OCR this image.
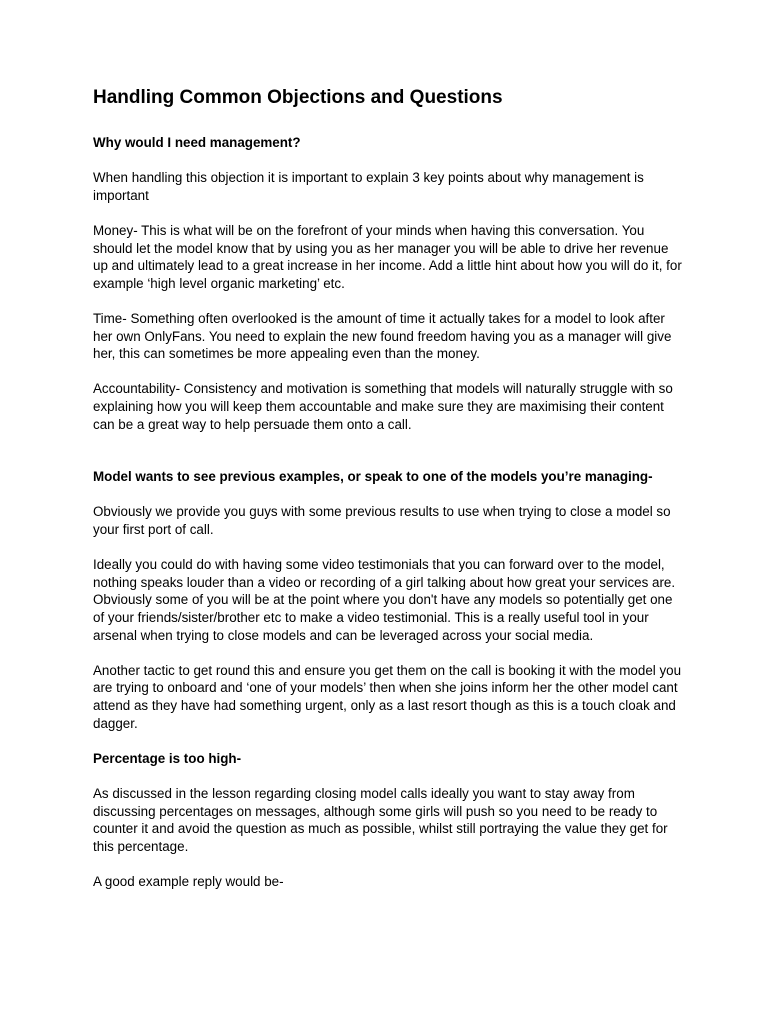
Handling Common Objections and Questions

Why would I need management?

When handling this objection it is important to explain 3 key points about why management is important

Money- This is what will be on the forefront of your minds when having this conversation. You should let the model know that by using you as her manager you will be able to drive her revenue up and ultimately lead to a great increase in her income. Add a little hint about how you will do it, for example ‘high level organic marketing’ etc.

Time- Something often overlooked is the amount of time it actually takes for a model to look after her own OnlyFans. You need to explain the new found freedom having you as a manager will give her, this can sometimes be more appealing even than the money.

Accountability- Consistency and motivation is something that models will naturally struggle with so explaining how you will keep them accountable and make sure they are maximising their content can be a great way to help persuade them onto a call.

Model wants to see previous examples, or speak to one of the models you’re managing-

Obviously we provide you guys with some previous results to use when trying to close a model so your first port of call.

Ideally you could do with having some video testimonials that you can forward over to the model, nothing speaks louder than a video or recording of a girl talking about how great your services are. Obviously some of you will be at the point where you don't have any models so potentially get one of your friends/sister/brother etc to make a video testimonial. This is a really useful tool in your arsenal when trying to close models and can be leveraged across your social media.

Another tactic to get round this and ensure you get them on the call is booking it with the model you are trying to onboard and ‘one of your models’ then when she joins inform her the other model cant attend as they have had something urgent, only as a last resort though as this is a touch cloak and dagger.

Percentage is too high-

As discussed in the lesson regarding closing model calls ideally you want to stay away from discussing percentages on messages, although some girls will push so you need to be ready to counter it and avoid the question as much as possible, whilst still portraying the value they get for this percentage.

A good example reply would be-
